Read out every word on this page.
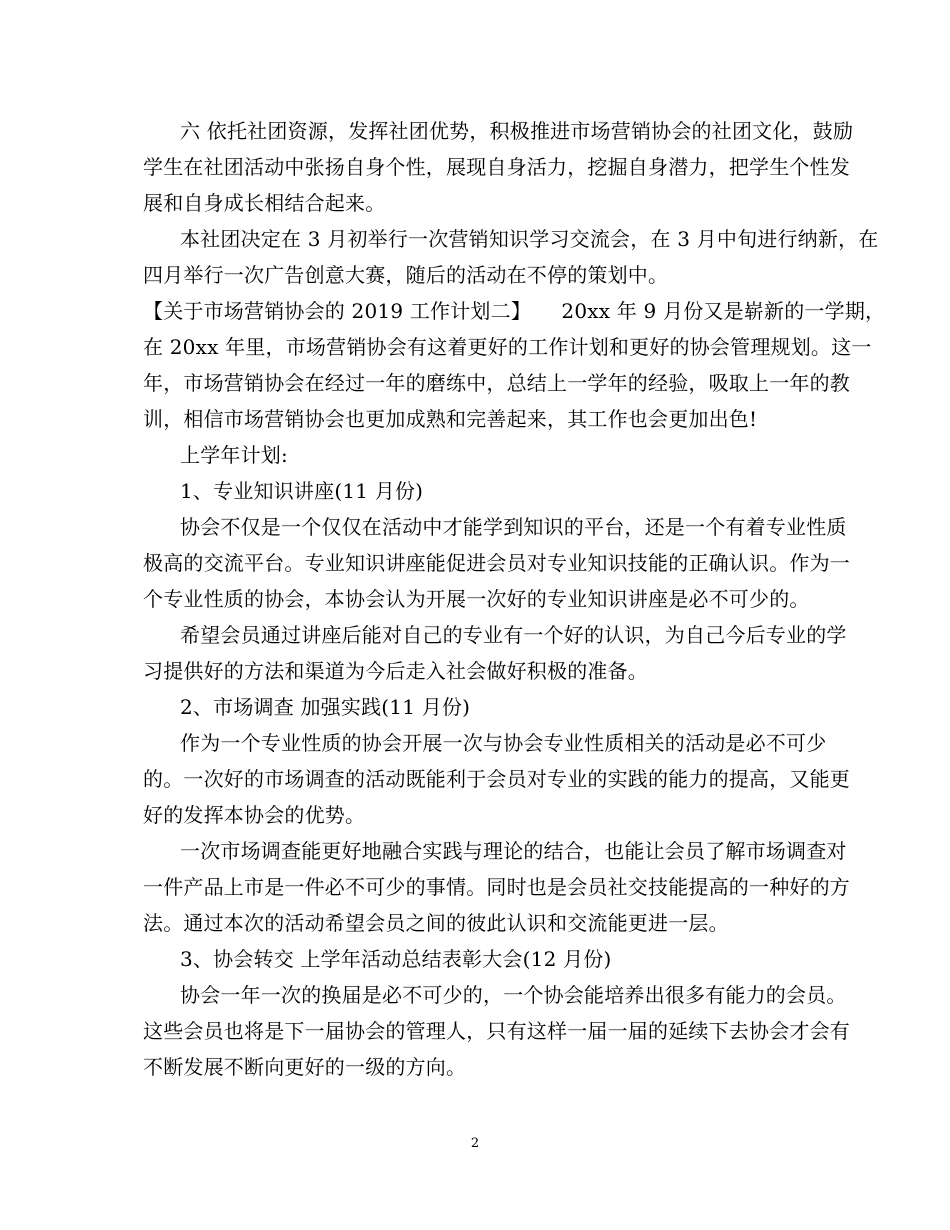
六 依托社团资源，发挥社团优势，积极推进市场营销协会的社团文化，鼓励
学生在社团活动中张扬自身个性，展现自身活力，挖掘自身潜力，把学生个性发
展和自身成长相结合起来。
本社团决定在 3 月初举行一次营销知识学习交流会，在 3 月中旬进行纳新，在
四月举行一次广告创意大赛，随后的活动在不停的策划中。
【关于市场营销协会的 2019 工作计划二】　　20xx 年 9 月份又是崭新的一学期，
在 20xx 年里，市场营销协会有这着更好的工作计划和更好的协会管理规划。这一
年，市场营销协会在经过一年的磨练中，总结上一学年的经验，吸取上一年的教
训，相信市场营销协会也更加成熟和完善起来，其工作也会更加出色!
上学年计划:
1、专业知识讲座(11 月份)
协会不仅是一个仅仅在活动中才能学到知识的平台，还是一个有着专业性质
极高的交流平台。专业知识讲座能促进会员对专业知识技能的正确认识。作为一
个专业性质的协会，本协会认为开展一次好的专业知识讲座是必不可少的。
希望会员通过讲座后能对自己的专业有一个好的认识，为自己今后专业的学
习提供好的方法和渠道为今后走入社会做好积极的准备。
2、市场调查 加强实践(11 月份)
作为一个专业性质的协会开展一次与协会专业性质相关的活动是必不可少
的。一次好的市场调查的活动既能利于会员对专业的实践的能力的提高，又能更
好的发挥本协会的优势。
一次市场调查能更好地融合实践与理论的结合，也能让会员了解市场调查对
一件产品上市是一件必不可少的事情。同时也是会员社交技能提高的一种好的方
法。通过本次的活动希望会员之间的彼此认识和交流能更进一层。
3、协会转交 上学年活动总结表彰大会(12 月份)
协会一年一次的换届是必不可少的，一个协会能培养出很多有能力的会员。
这些会员也将是下一届协会的管理人，只有这样一届一届的延续下去协会才会有
不断发展不断向更好的一级的方向。
2
